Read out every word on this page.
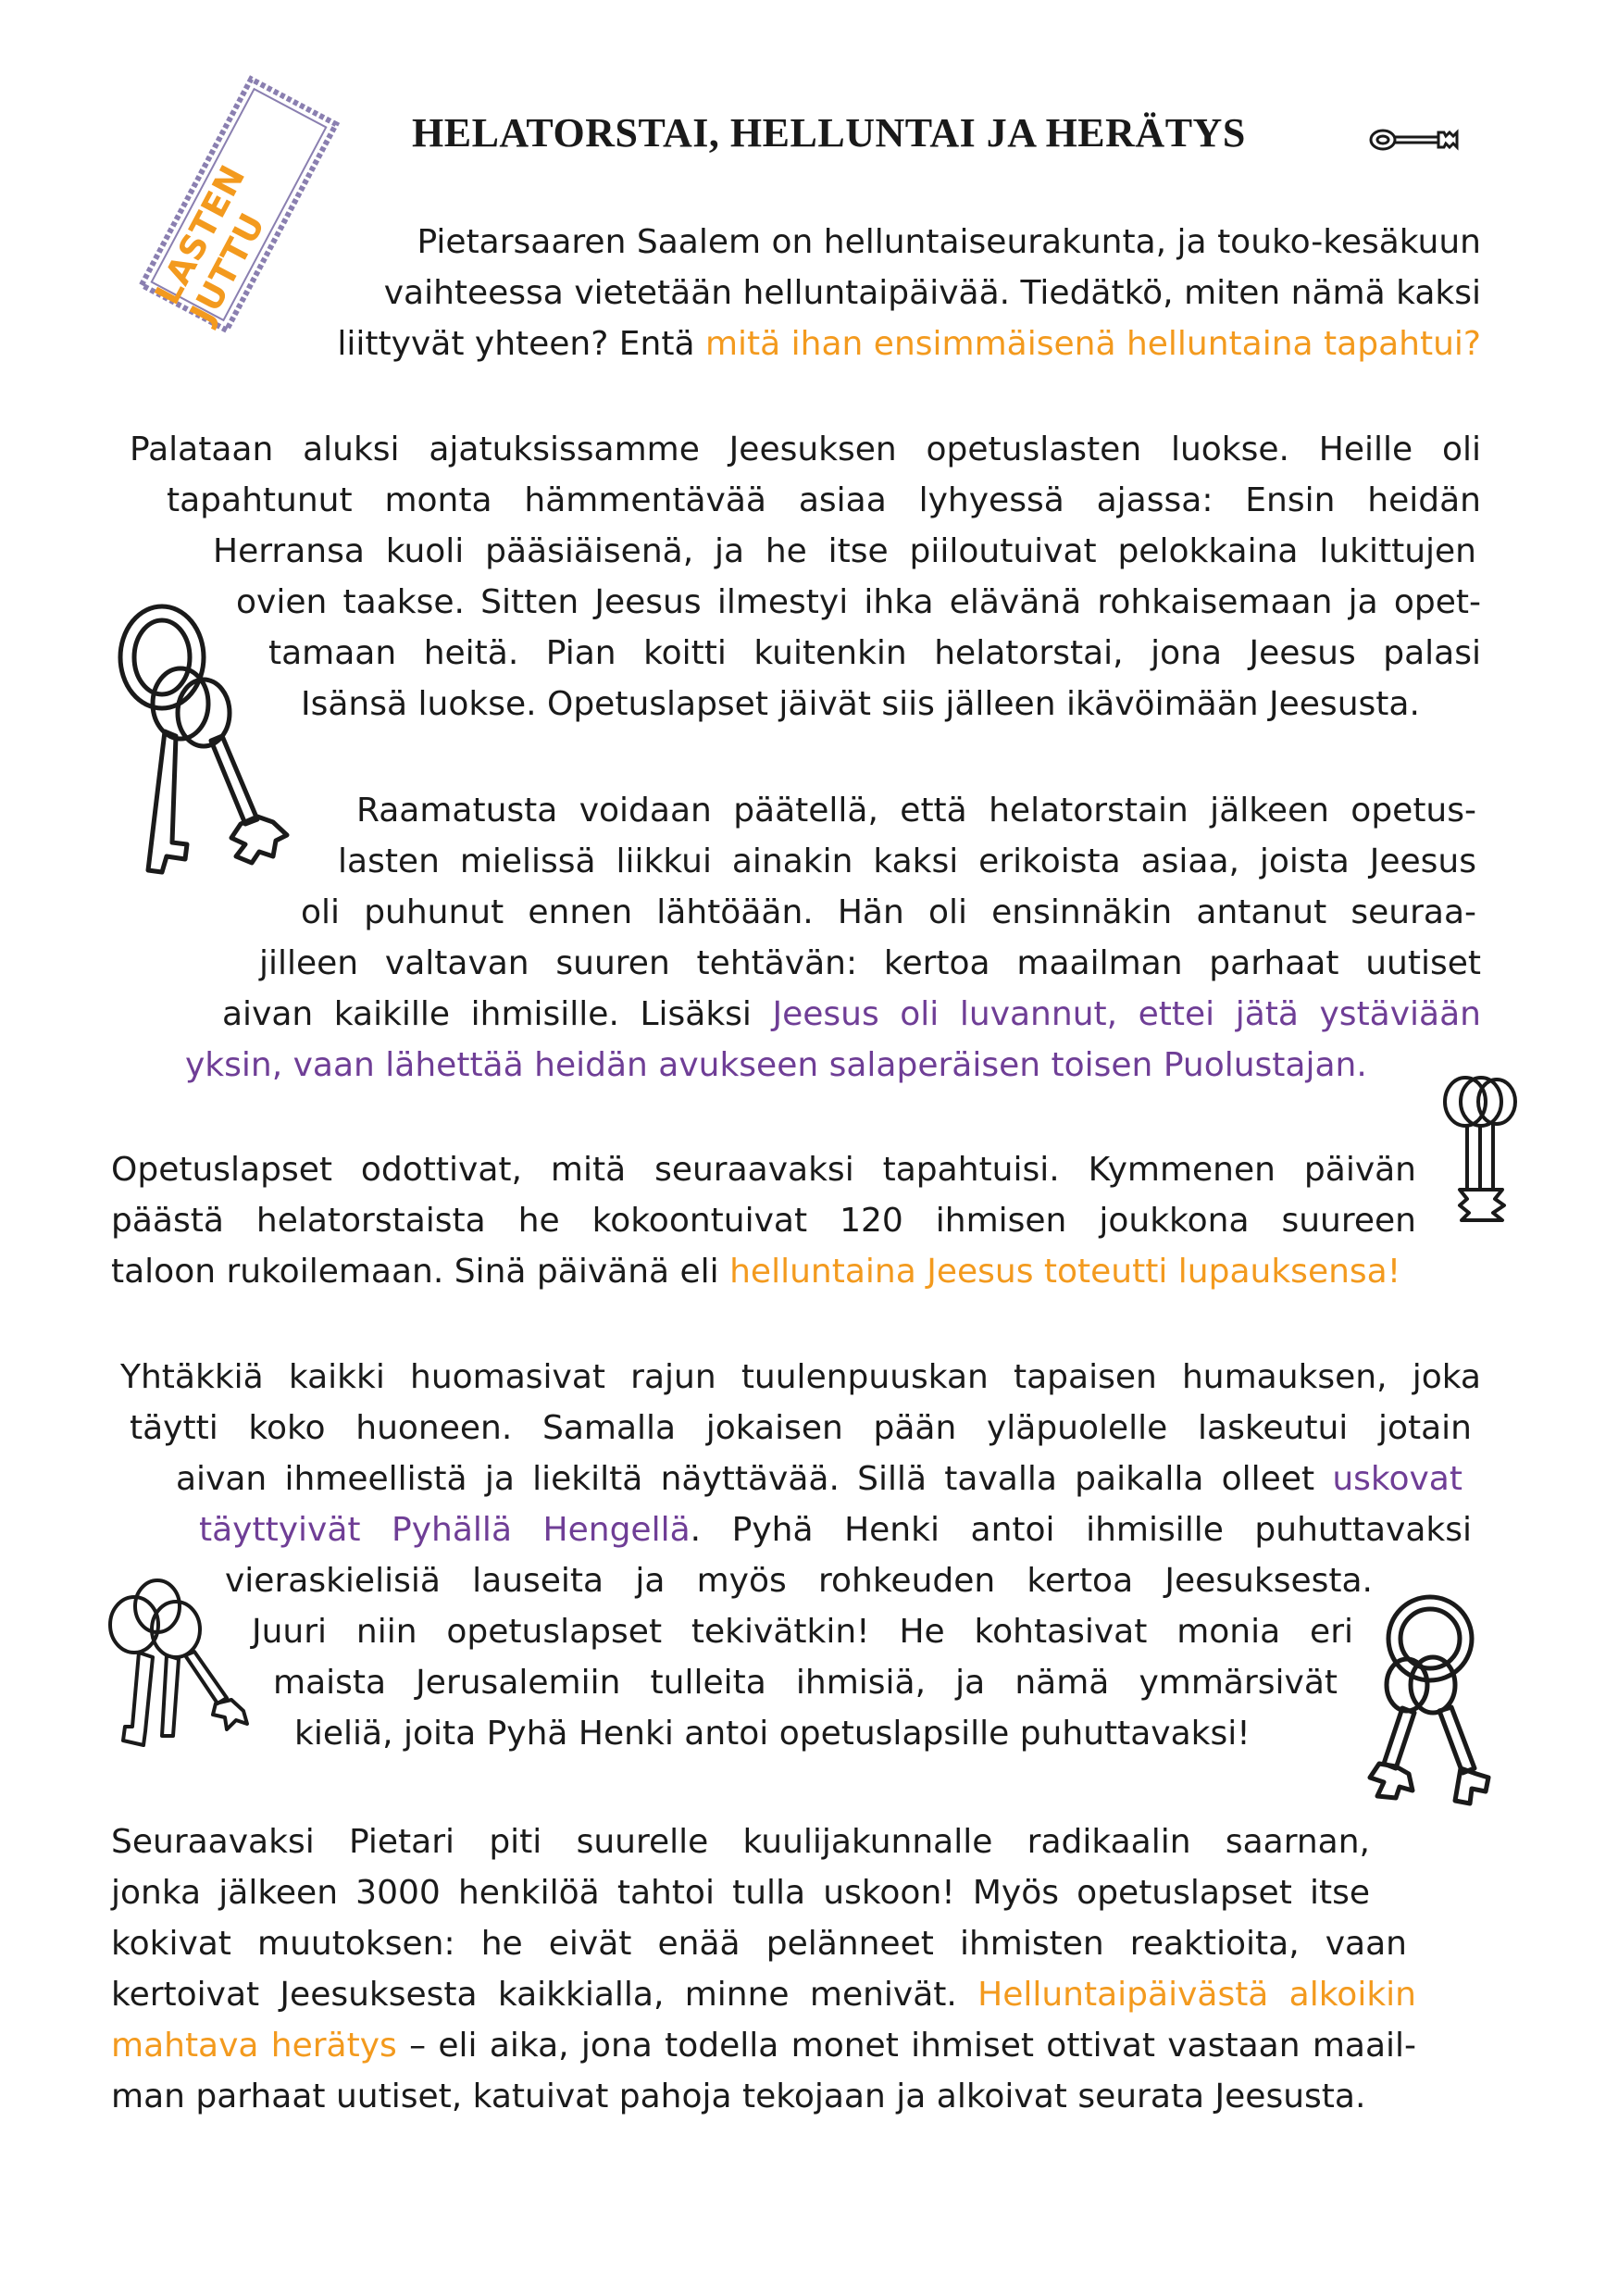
LASTEN JUTTU
HELATORSTAI, HELLUNTAI JA HERÄTYS
Pietarsaaren Saalem on helluntaiseurakunta, ja touko-kesäkuun
vaihteessa vietetään helluntaipäivää. Tiedätkö, miten nämä kaksi
liittyvät yhteen? Entä mitä ihan ensimmäisenä helluntaina tapahtui?
Palataan aluksi ajatuksissamme Jeesuksen opetuslasten luokse. Heille oli
tapahtunut monta hämmentävää asiaa lyhyessä ajassa: Ensin heidän
Herransa kuoli pääsiäisenä, ja he itse piiloutuivat pelokkaina lukittujen
ovien taakse. Sitten Jeesus ilmestyi ihka elävänä rohkaisemaan ja opet-
tamaan heitä. Pian koitti kuitenkin helatorstai, jona Jeesus palasi
Isänsä luokse. Opetuslapset jäivät siis jälleen ikävöimään Jeesusta.
Raamatusta voidaan päätellä, että helatorstain jälkeen opetus-
lasten mielissä liikkui ainakin kaksi erikoista asiaa, joista Jeesus
oli puhunut ennen lähtöään. Hän oli ensinnäkin antanut seuraa-
jilleen valtavan suuren tehtävän: kertoa maailman parhaat uutiset
aivan kaikille ihmisille. Lisäksi Jeesus oli luvannut, ettei jätä ystäviään
yksin, vaan lähettää heidän avukseen salaperäisen toisen Puolustajan.
Opetuslapset odottivat, mitä seuraavaksi tapahtuisi. Kymmenen päivän
päästä helatorstaista he kokoontuivat 120 ihmisen joukkona suureen
taloon rukoilemaan. Sinä päivänä eli helluntaina Jeesus toteutti lupauksensa!
Yhtäkkiä kaikki huomasivat rajun tuulenpuuskan tapaisen humauksen, joka
täytti koko huoneen. Samalla jokaisen pään yläpuolelle laskeutui jotain
aivan ihmeellistä ja liekiltä näyttävää. Sillä tavalla paikalla olleet uskovat
täyttyivät Pyhällä Hengellä. Pyhä Henki antoi ihmisille puhuttavaksi
vieraskielisiä lauseita ja myös rohkeuden kertoa Jeesuksesta.
Juuri niin opetuslapset tekivätkin! He kohtasivat monia eri
maista Jerusalemiin tulleita ihmisiä, ja nämä ymmärsivät
kieliä, joita Pyhä Henki antoi opetuslapsille puhuttavaksi!
Seuraavaksi Pietari piti suurelle kuulijakunnalle radikaalin saarnan,
jonka jälkeen 3000 henkilöä tahtoi tulla uskoon! Myös opetuslapset itse
kokivat muutoksen: he eivät enää pelänneet ihmisten reaktioita, vaan
kertoivat Jeesuksesta kaikkialla, minne menivät. Helluntaipäivästä alkoikin
mahtava herätys – eli aika, jona todella monet ihmiset ottivat vastaan maail-
man parhaat uutiset, katuivat pahoja tekojaan ja alkoivat seurata Jeesusta.
